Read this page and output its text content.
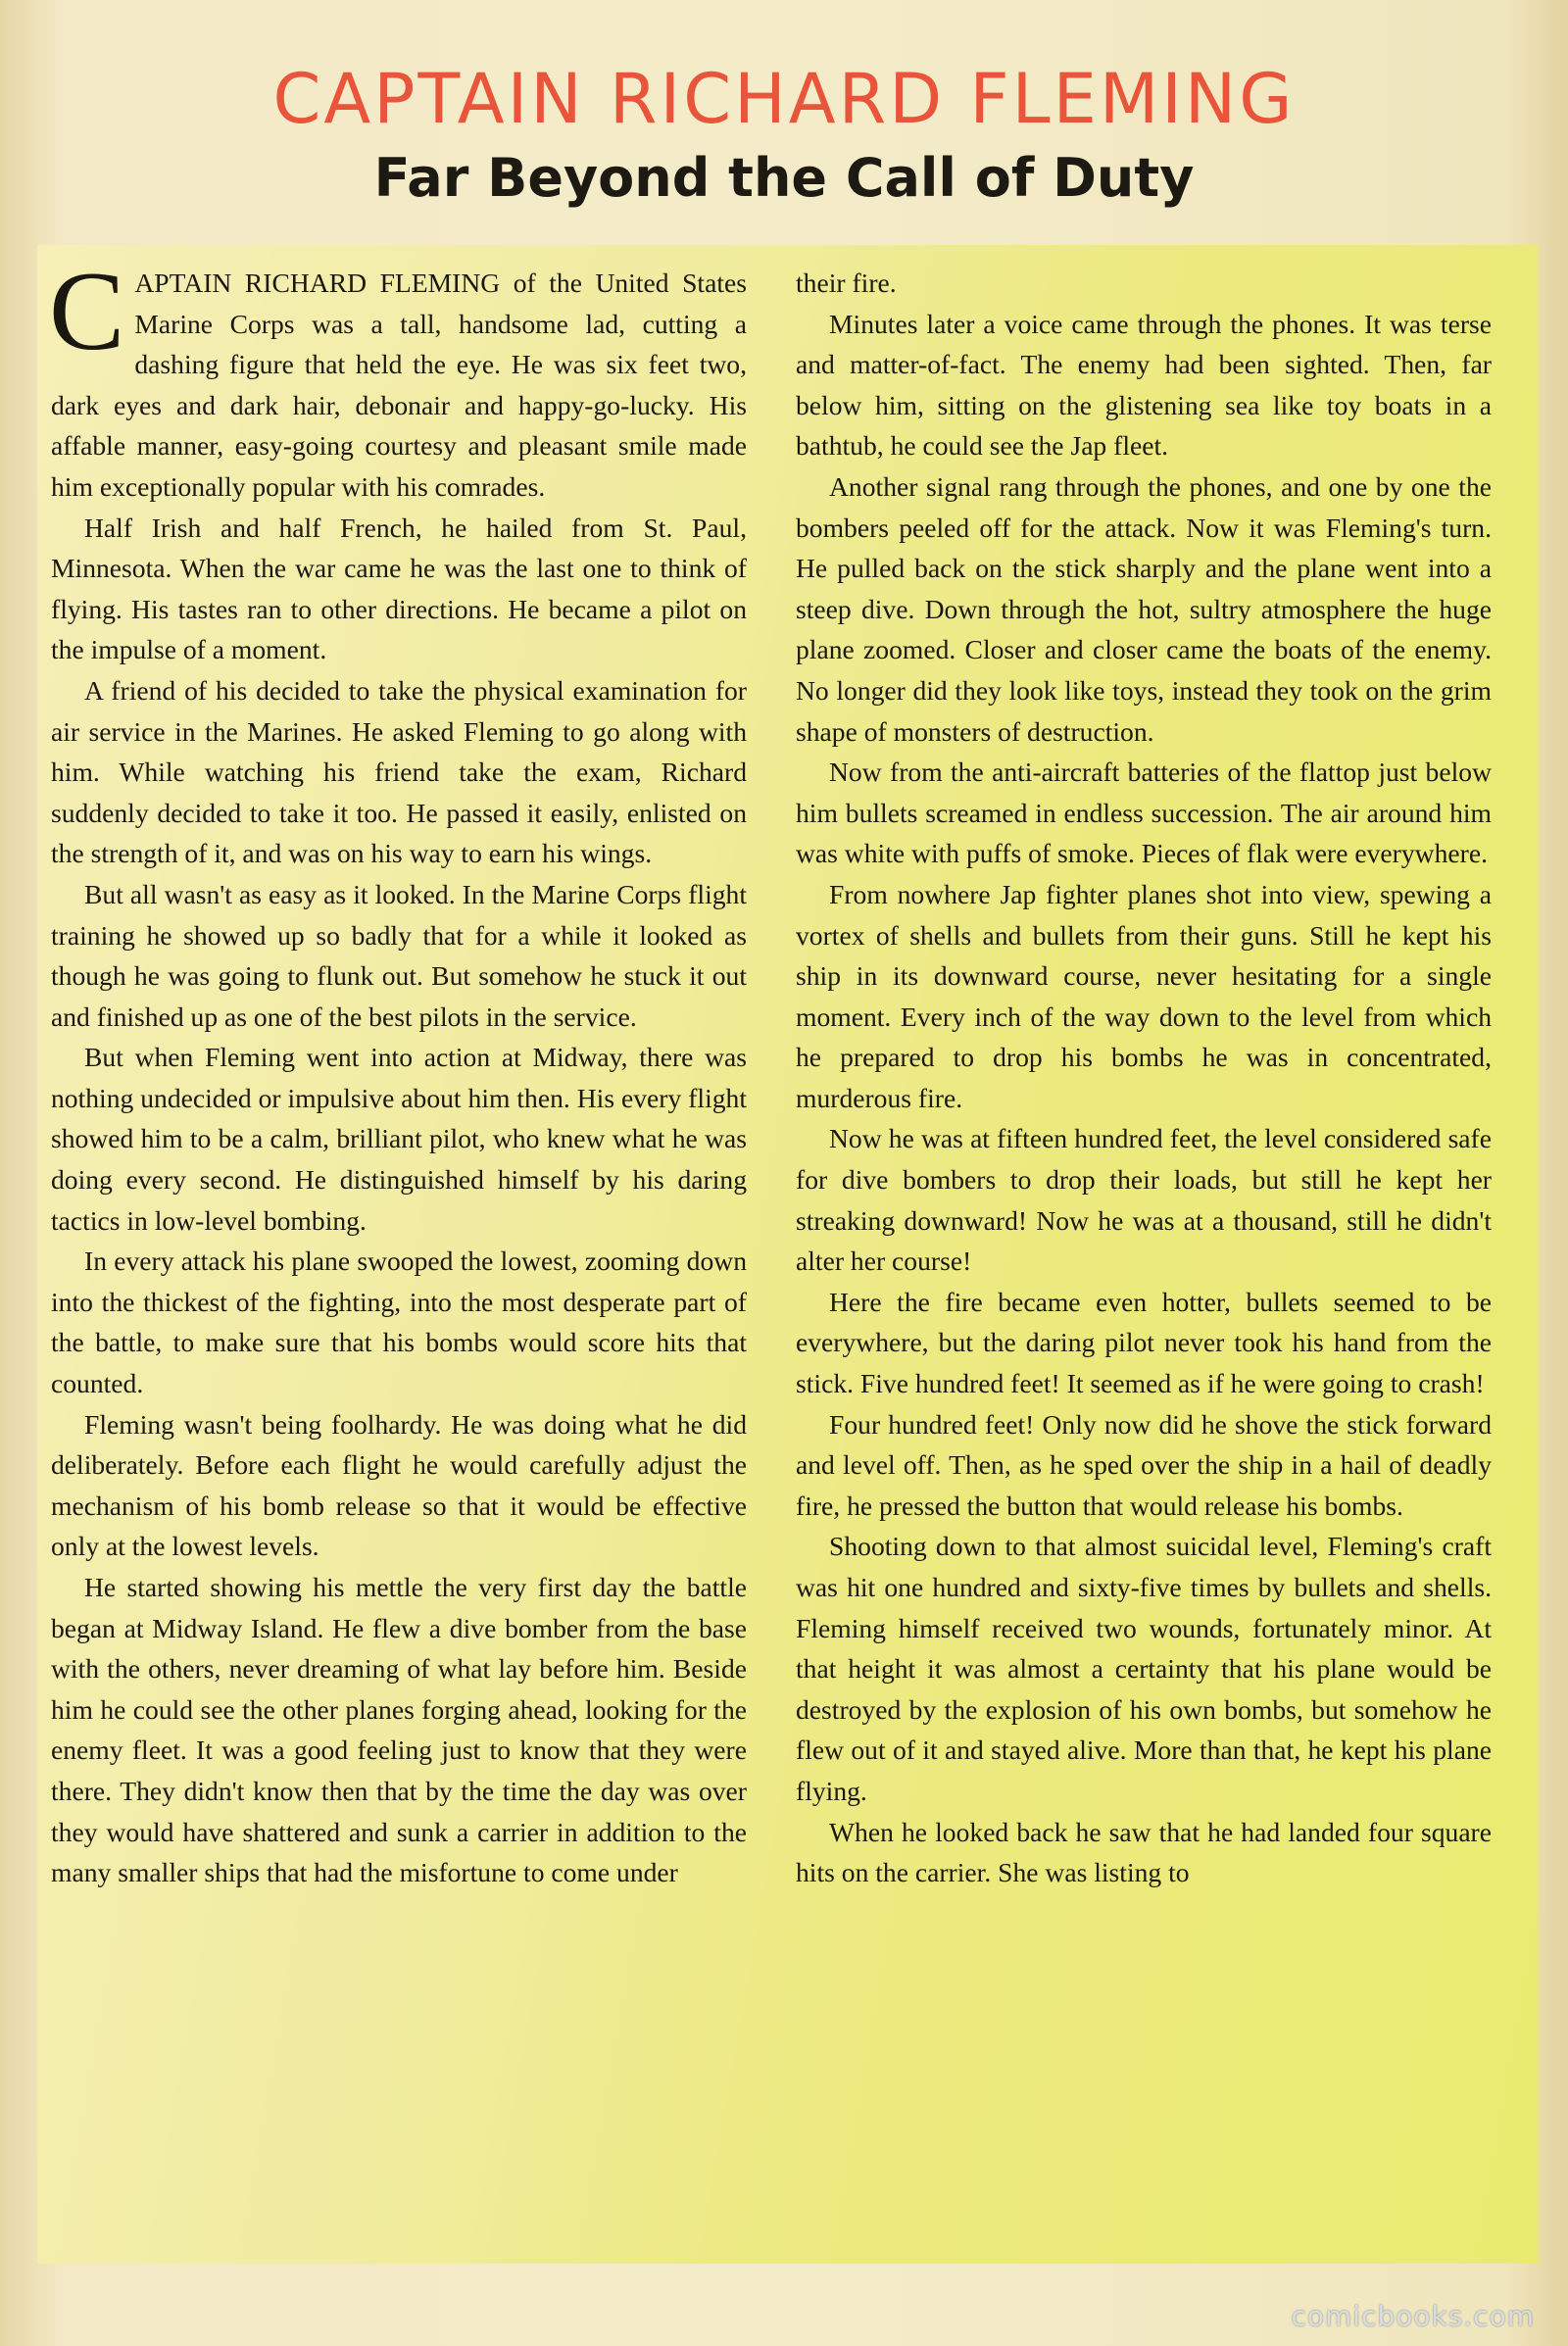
CAPTAIN RICHARD FLEMING
Far Beyond the Call of Duty

CAPTAIN RICHARD FLEMING of the United States Marine Corps was a tall, handsome lad, cutting a dashing figure that held the eye. He was six feet two, dark eyes and dark hair, debonair and happy-go-lucky. His affable manner, easy-going courtesy and pleasant smile made him exceptionally popular with his comrades.

Half Irish and half French, he hailed from St. Paul, Minnesota. When the war came he was the last one to think of flying. His tastes ran to other directions. He became a pilot on the impulse of a moment.

A friend of his decided to take the physical examination for air service in the Marines. He asked Fleming to go along with him. While watching his friend take the exam, Richard suddenly decided to take it too. He passed it easily, enlisted on the strength of it, and was on his way to earn his wings.

But all wasn't as easy as it looked. In the Marine Corps flight training he showed up so badly that for a while it looked as though he was going to flunk out. But somehow he stuck it out and finished up as one of the best pilots in the service.

But when Fleming went into action at Midway, there was nothing undecided or impulsive about him then. His every flight showed him to be a calm, brilliant pilot, who knew what he was doing every second. He distinguished himself by his daring tactics in low-level bombing.

In every attack his plane swooped the lowest, zooming down into the thickest of the fighting, into the most desperate part of the battle, to make sure that his bombs would score hits that counted.

Fleming wasn't being foolhardy. He was doing what he did deliberately. Before each flight he would carefully adjust the mechanism of his bomb release so that it would be effective only at the lowest levels.

He started showing his mettle the very first day the battle began at Midway Island. He flew a dive bomber from the base with the others, never dreaming of what lay before him. Beside him he could see the other planes forging ahead, looking for the enemy fleet. It was a good feeling just to know that they were there. They didn't know then that by the time the day was over they would have shattered and sunk a carrier in addition to the many smaller ships that had the misfortune to come under

their fire.

Minutes later a voice came through the phones. It was terse and matter-of-fact. The enemy had been sighted. Then, far below him, sitting on the glistening sea like toy boats in a bathtub, he could see the Jap fleet.

Another signal rang through the phones, and one by one the bombers peeled off for the attack. Now it was Fleming's turn. He pulled back on the stick sharply and the plane went into a steep dive. Down through the hot, sultry atmosphere the huge plane zoomed. Closer and closer came the boats of the enemy. No longer did they look like toys, instead they took on the grim shape of monsters of destruction.

Now from the anti-aircraft batteries of the flattop just below him bullets screamed in endless succession. The air around him was white with puffs of smoke. Pieces of flak were everywhere.

From nowhere Jap fighter planes shot into view, spewing a vortex of shells and bullets from their guns. Still he kept his ship in its downward course, never hesitating for a single moment. Every inch of the way down to the level from which he prepared to drop his bombs he was in concentrated, murderous fire.

Now he was at fifteen hundred feet, the level considered safe for dive bombers to drop their loads, but still he kept her streaking downward! Now he was at a thousand, still he didn't alter her course!

Here the fire became even hotter, bullets seemed to be everywhere, but the daring pilot never took his hand from the stick. Five hundred feet! It seemed as if he were going to crash!

Four hundred feet! Only now did he shove the stick forward and level off. Then, as he sped over the ship in a hail of deadly fire, he pressed the button that would release his bombs.

Shooting down to that almost suicidal level, Fleming's craft was hit one hundred and sixty-five times by bullets and shells. Fleming himself received two wounds, fortunately minor. At that height it was almost a certainty that his plane would be destroyed by the explosion of his own bombs, but somehow he flew out of it and stayed alive. More than that, he kept his plane flying.

When he looked back he saw that he had landed four square hits on the carrier. She was listing to

comicbooks.com
